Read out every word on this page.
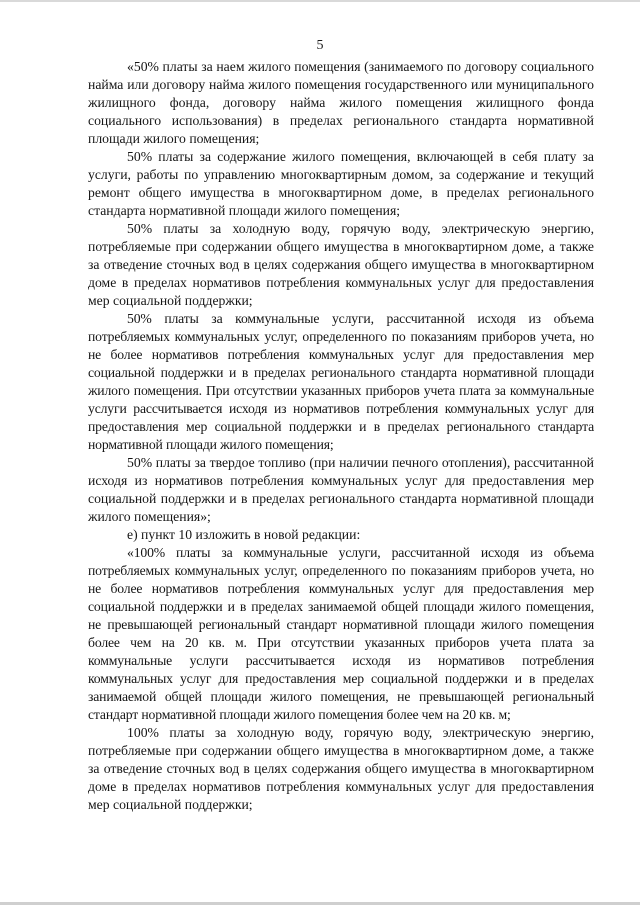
5

«50% платы за наем жилого помещения (занимаемого по договору социального найма или договору найма жилого помещения государственного или муниципального жилищного фонда, договору найма жилого помещения жилищного фонда социального использования) в пределах регионального стандарта нормативной площади жилого помещения;

50% платы за содержание жилого помещения, включающей в себя плату за услуги, работы по управлению многоквартирным домом, за содержание и текущий ремонт общего имущества в многоквартирном доме, в пределах регионального стандарта нормативной площади жилого помещения;

50% платы за холодную воду, горячую воду, электрическую энергию, потребляемые при содержании общего имущества в многоквартирном доме, а также за отведение сточных вод в целях содержания общего имущества в многоквартирном доме в пределах нормативов потребления коммунальных услуг для предоставления мер социальной поддержки;

50% платы за коммунальные услуги, рассчитанной исходя из объема потребляемых коммунальных услуг, определенного по показаниям приборов учета, но не более нормативов потребления коммунальных услуг для предоставления мер социальной поддержки и в пределах регионального стандарта нормативной площади жилого помещения. При отсутствии указанных приборов учета плата за коммунальные услуги рассчитывается исходя из нормативов потребления коммунальных услуг для предоставления мер социальной поддержки и в пределах регионального стандарта нормативной площади жилого помещения;

50% платы за твердое топливо (при наличии печного отопления), рассчитанной исходя из нормативов потребления коммунальных услуг для предоставления мер социальной поддержки и в пределах регионального стандарта нормативной площади жилого помещения»;

е) пункт 10 изложить в новой редакции:

«100% платы за коммунальные услуги, рассчитанной исходя из объема потребляемых коммунальных услуг, определенного по показаниям приборов учета, но не более нормативов потребления коммунальных услуг для предоставления мер социальной поддержки и в пределах занимаемой общей площади жилого помещения, не превышающей региональный стандарт нормативной площади жилого помещения более чем на 20 кв. м. При отсутствии указанных приборов учета плата за коммунальные услуги рассчитывается исходя из нормативов потребления коммунальных услуг для предоставления мер социальной поддержки и в пределах занимаемой общей площади жилого помещения, не превышающей региональный стандарт нормативной площади жилого помещения более чем на 20 кв. м;

100% платы за холодную воду, горячую воду, электрическую энергию, потребляемые при содержании общего имущества в многоквартирном доме, а также за отведение сточных вод в целях содержания общего имущества в многоквартирном доме в пределах нормативов потребления коммунальных услуг для предоставления мер социальной поддержки;
